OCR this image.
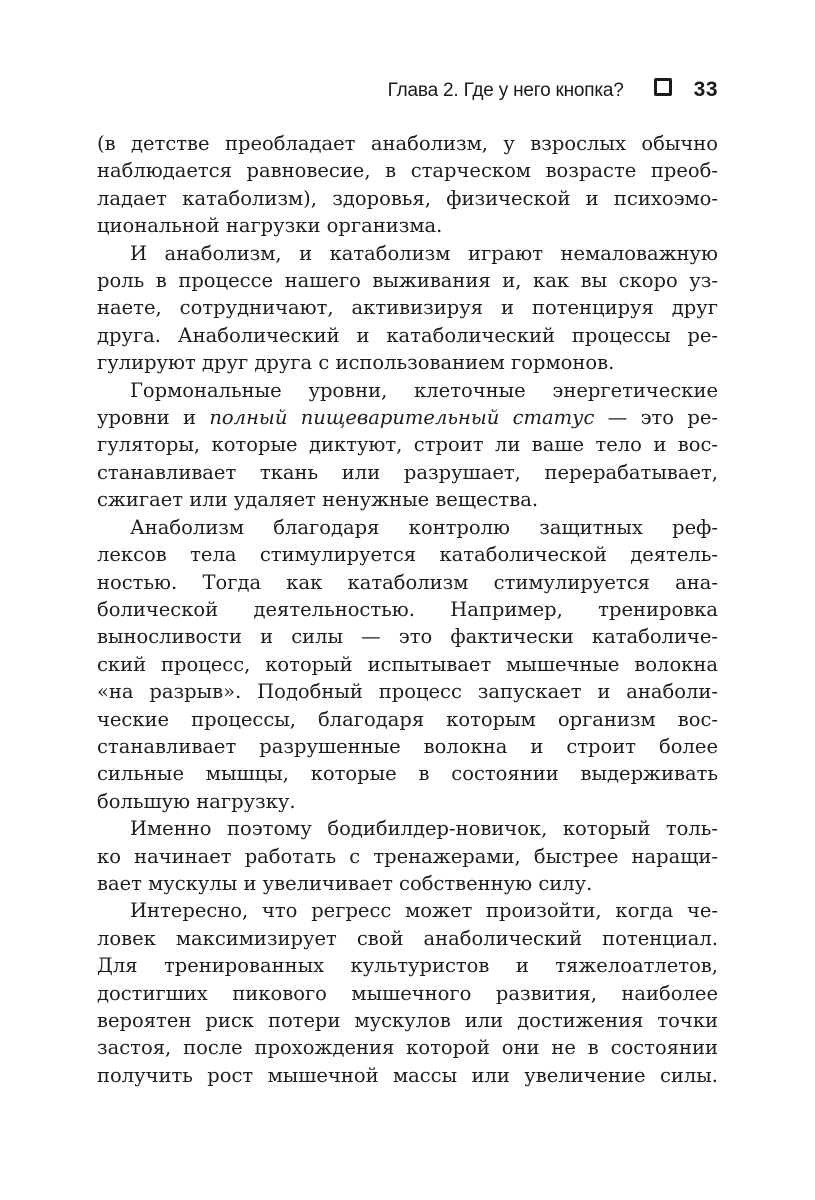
Глава 2. Где у него кнопка?	33
(в детстве преобладает анаболизм, у взрослых обычно
наблюдается равновесие, в старческом возрасте преоб-
ладает катаболизм), здоровья, физической и психоэмо-
циональной нагрузки организма.
И анаболизм, и катаболизм играют немаловажную
роль в процессе нашего выживания и, как вы скоро уз-
наете, сотрудничают, активизируя и потенцируя друг
друга. Анаболический и катаболический процессы ре-
гулируют друг друга с использованием гормонов.
Гормональные уровни, клеточные энергетические
уровни и полный пищеварительный статус — это ре-
гуляторы, которые диктуют, строит ли ваше тело и вос-
станавливает ткань или разрушает, перерабатывает,
сжигает или удаляет ненужные вещества.
Анаболизм благодаря контролю защитных реф-
лексов тела стимулируется катаболической деятель-
ностью. Тогда как катаболизм стимулируется ана-
болической деятельностью. Например, тренировка
выносливости и силы — это фактически катаболиче-
ский процесс, который испытывает мышечные волокна
«на разрыв». Подобный процесс запускает и анаболи-
ческие процессы, благодаря которым организм вос-
станавливает разрушенные волокна и строит более
сильные мышцы, которые в состоянии выдерживать
большую нагрузку.
Именно поэтому бодибилдер-новичок, который толь-
ко начинает работать с тренажерами, быстрее наращи-
вает мускулы и увеличивает собственную силу.
Интересно, что регресс может произойти, когда че-
ловек максимизирует свой анаболический потенциал.
Для тренированных культуристов и тяжелоатлетов,
достигших пикового мышечного развития, наиболее
вероятен риск потери мускулов или достижения точки
застоя, после прохождения которой они не в состоянии
получить рост мышечной массы или увеличение силы.
